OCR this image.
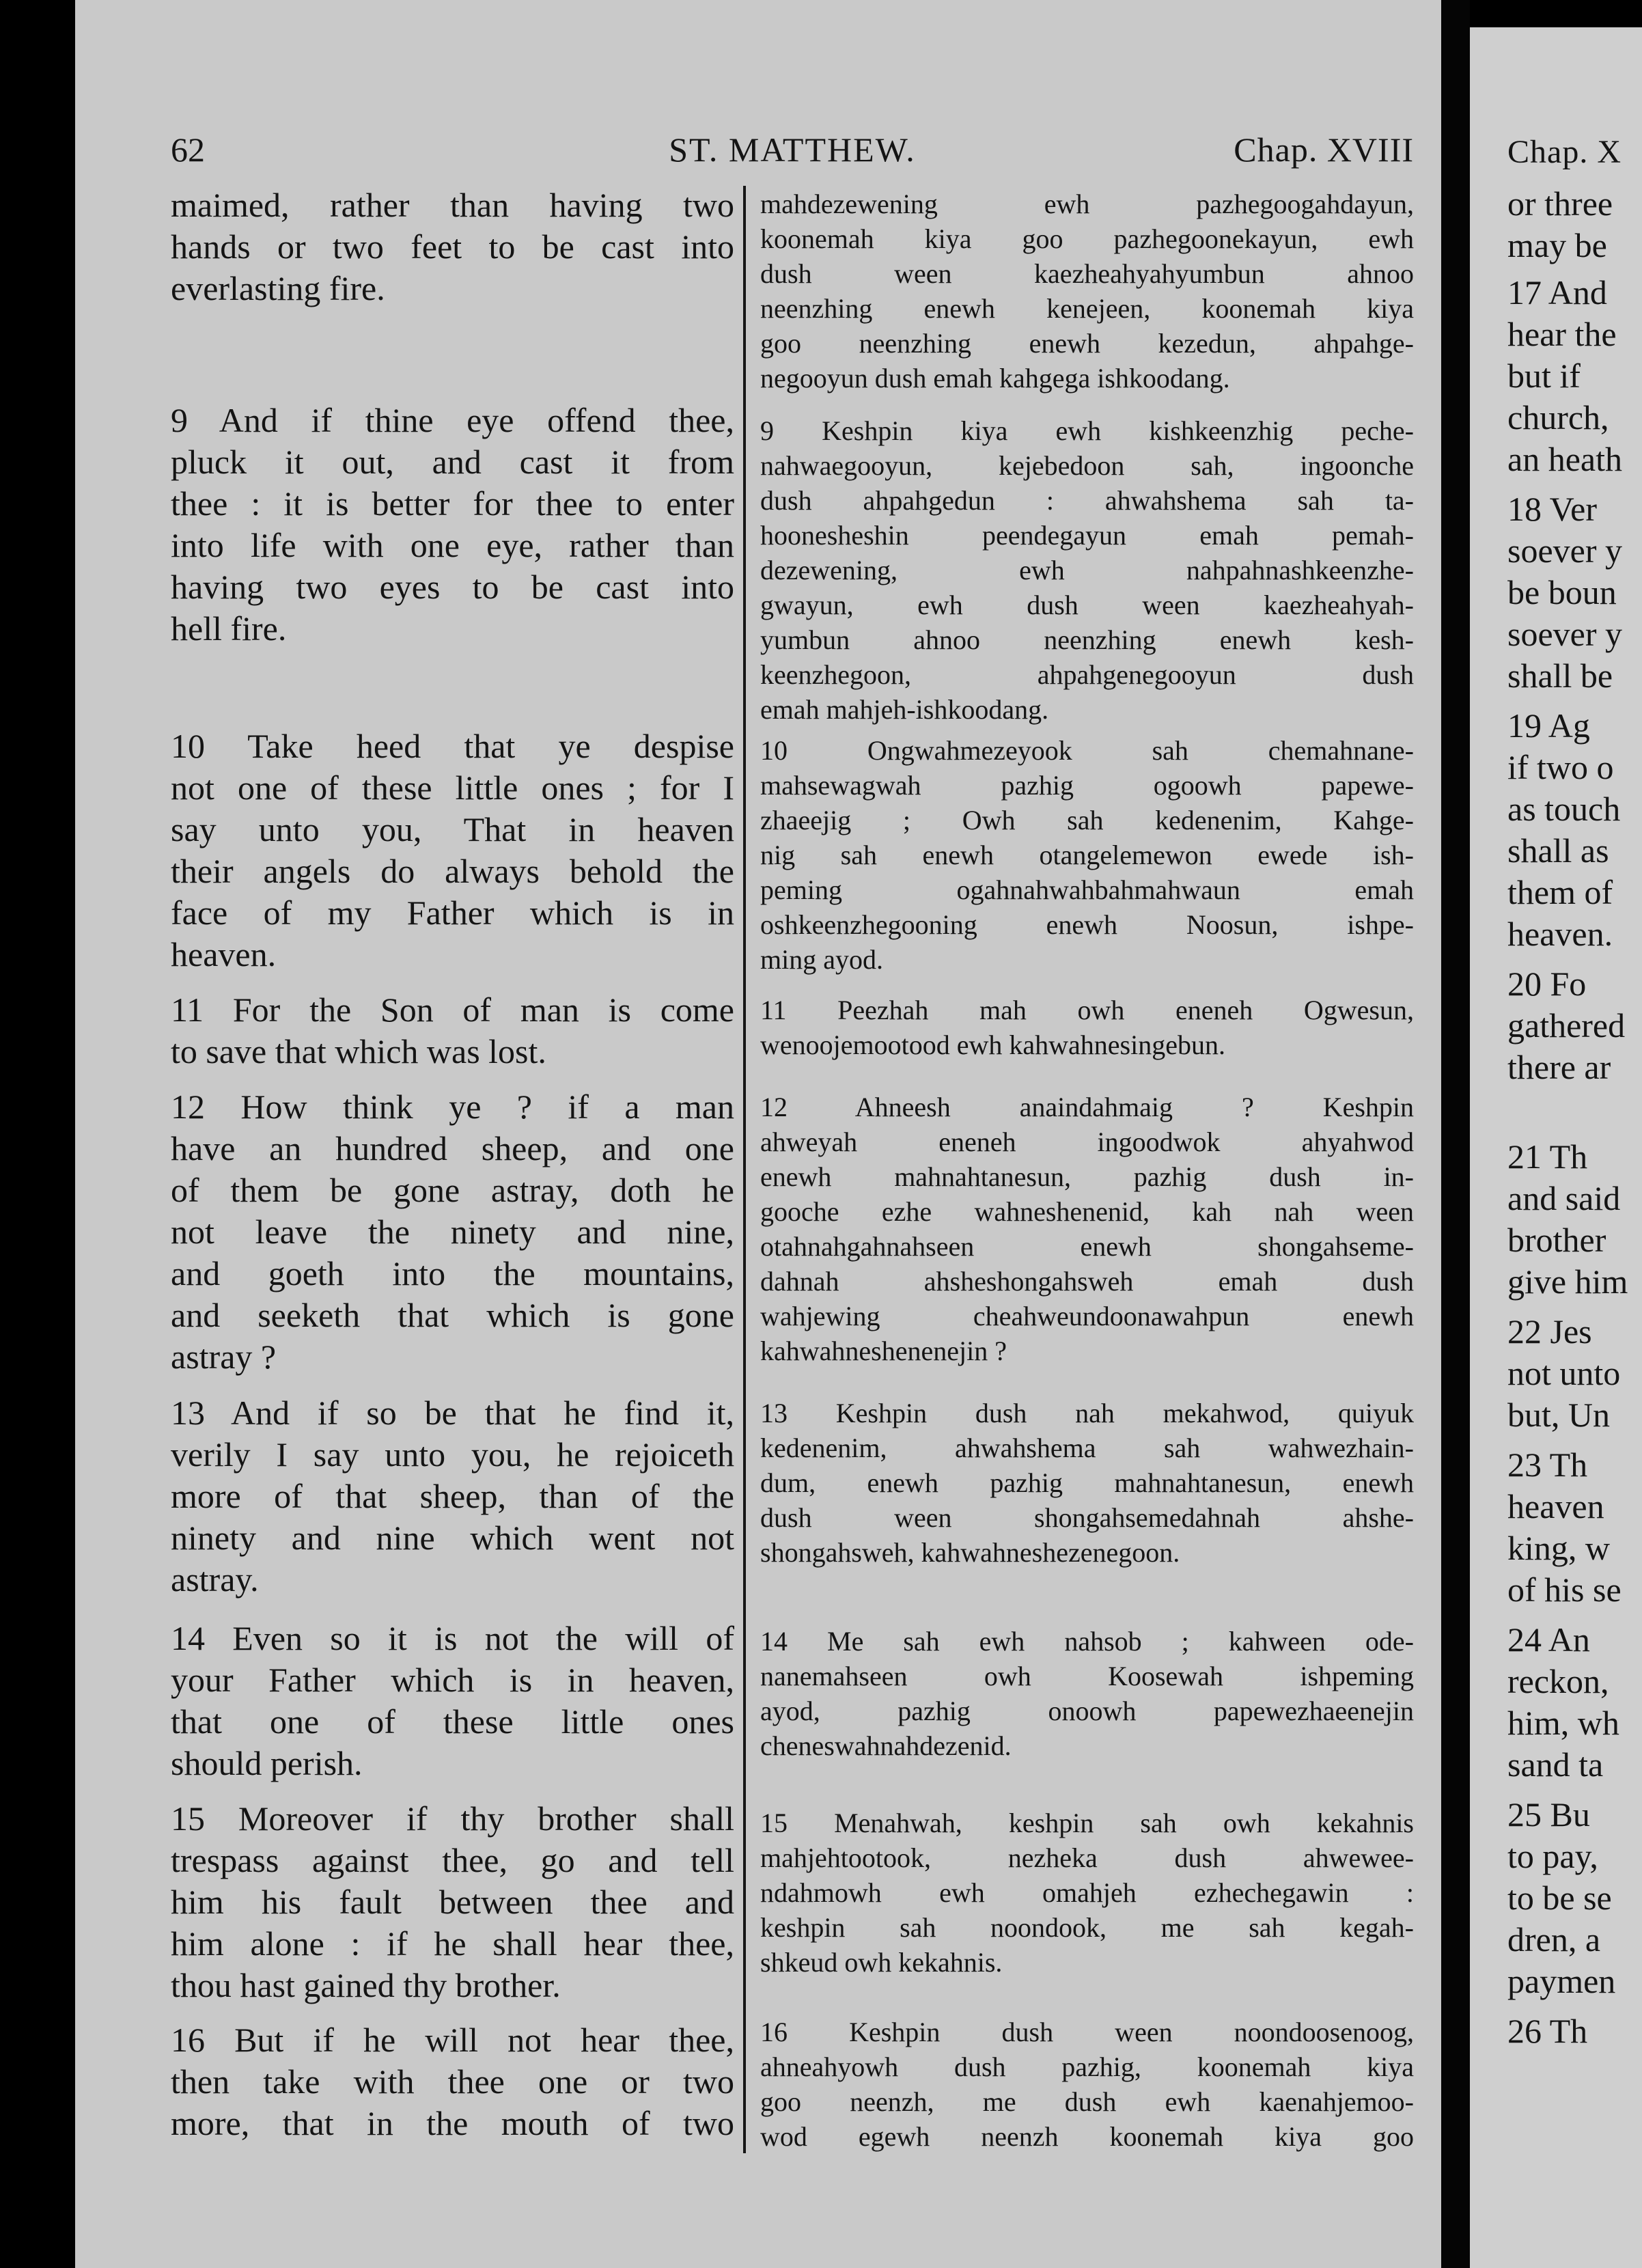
62	ST. MATTHEW.	Chap. XVIII
maimed, rather than having two
hands or two feet to be cast into
everlasting fire.
9 And if thine eye offend thee,
pluck it out, and cast it from
thee : it is better for thee to enter
into life with one eye, rather than
having two eyes to be cast into
hell fire.
10 Take heed that ye despise
not one of these little ones ; for I
say unto you, That in heaven
their angels do always behold the
face of my Father which is in
heaven.
11 For the Son of man is come
to save that which was lost.
12 How think ye ? if a man
have an hundred sheep, and one
of them be gone astray, doth he
not leave the ninety and nine,
and goeth into the mountains,
and seeketh that which is gone
astray ?
13 And if so be that he find it,
verily I say unto you, he rejoiceth
more of that sheep, than of the
ninety and nine which went not
astray.
14 Even so it is not the will of
your Father which is in heaven,
that one of these little ones
should perish.
15 Moreover if thy brother shall
trespass against thee, go and tell
him his fault between thee and
him alone : if he shall hear thee,
thou hast gained thy brother.
16 But if he will not hear thee,
then take with thee one or two
more, that in the mouth of two
mahdezewening ewh pazhegoogahdayun,
koonemah kiya goo pazhegoonekayun, ewh
dush ween kaezheahyahyumbun ahnoo
neenzhing enewh kenejeen, koonemah kiya
goo neenzhing enewh kezedun, ahpahge-
negooyun dush emah kahgega ishkoodang.
9 Keshpin kiya ewh kishkeenzhig peche-
nahwaegooyun, kejebedoon sah, ingoonche
dush ahpahgedun : ahwahshema sah ta-
hoonesheshin peendegayun emah pemah-
dezewening, ewh nahpahnashkeenzhe-
gwayun, ewh dush ween kaezheahyah-
yumbun ahnoo neenzhing enewh kesh-
keenzhegoon, ahpahgenegooyun dush
emah mahjeh-ishkoodang.
10 Ongwahmezeyook sah chemahnane-
mahsewagwah pazhig ogoowh papewe-
zhaeejig ; Owh sah kedenenim, Kahge-
nig sah enewh otangelemewon ewede ish-
peming ogahnahwahbahmahwaun emah
oshkeenzhegooning enewh Noosun, ishpe-
ming ayod.
11 Peezhah mah owh eneneh Ogwesun,
wenoojemootood ewh kahwahnesingebun.
12 Ahneesh anaindahmaig ? Keshpin
ahweyah eneneh ingoodwok ahyahwod
enewh mahnahtanesun, pazhig dush in-
gooche ezhe wahneshenenid, kah nah ween
otahnahgahnahseen enewh shongahseme-
dahnah ahsheshongahsweh emah dush
wahjewing cheahweundoonawahpun enewh
kahwahneshenenejin ?
13 Keshpin dush nah mekahwod, quiyuk
kedenenim, ahwahshema sah wahwezhain-
dum, enewh pazhig mahnahtanesun, enewh
dush ween shongahsemedahnah ahshe-
shongahsweh, kahwahneshezenegoon.
14 Me sah ewh nahsob ; kahween ode-
nanemahseen owh Koosewah ishpeming
ayod, pazhig onoowh papewezhaeenejin
cheneswahnahdezenid.
15 Menahwah, keshpin sah owh kekahnis
mahjehtootook, nezheka dush ahwewee-
ndahmowh ewh omahjeh ezhechegawin :
keshpin sah noondook, me sah kegah-
shkeud owh kekahnis.
16 Keshpin dush ween noondoosenoog,
ahneahyowh dush pazhig, koonemah kiya
goo neenzh, me dush ewh kaenahjemoo-
wod egewh neenzh koonemah kiya goo
Chap. X
or three
may be
17 And
hear the
but if
church,
an heath
18 Ver
soever y
be boun
soever y
shall be
19 Ag
if two o
as touch
shall as
them of
heaven.
20 Fo
gathered
there ar
21 Th
and said
brother
give him
22 Jes
not unto
but, Un
23 Th
heaven
king, w
of his se
24 An
reckon,
him, wh
sand ta
25 Bu
to pay,
to be se
dren, a
paymen
26 Th
